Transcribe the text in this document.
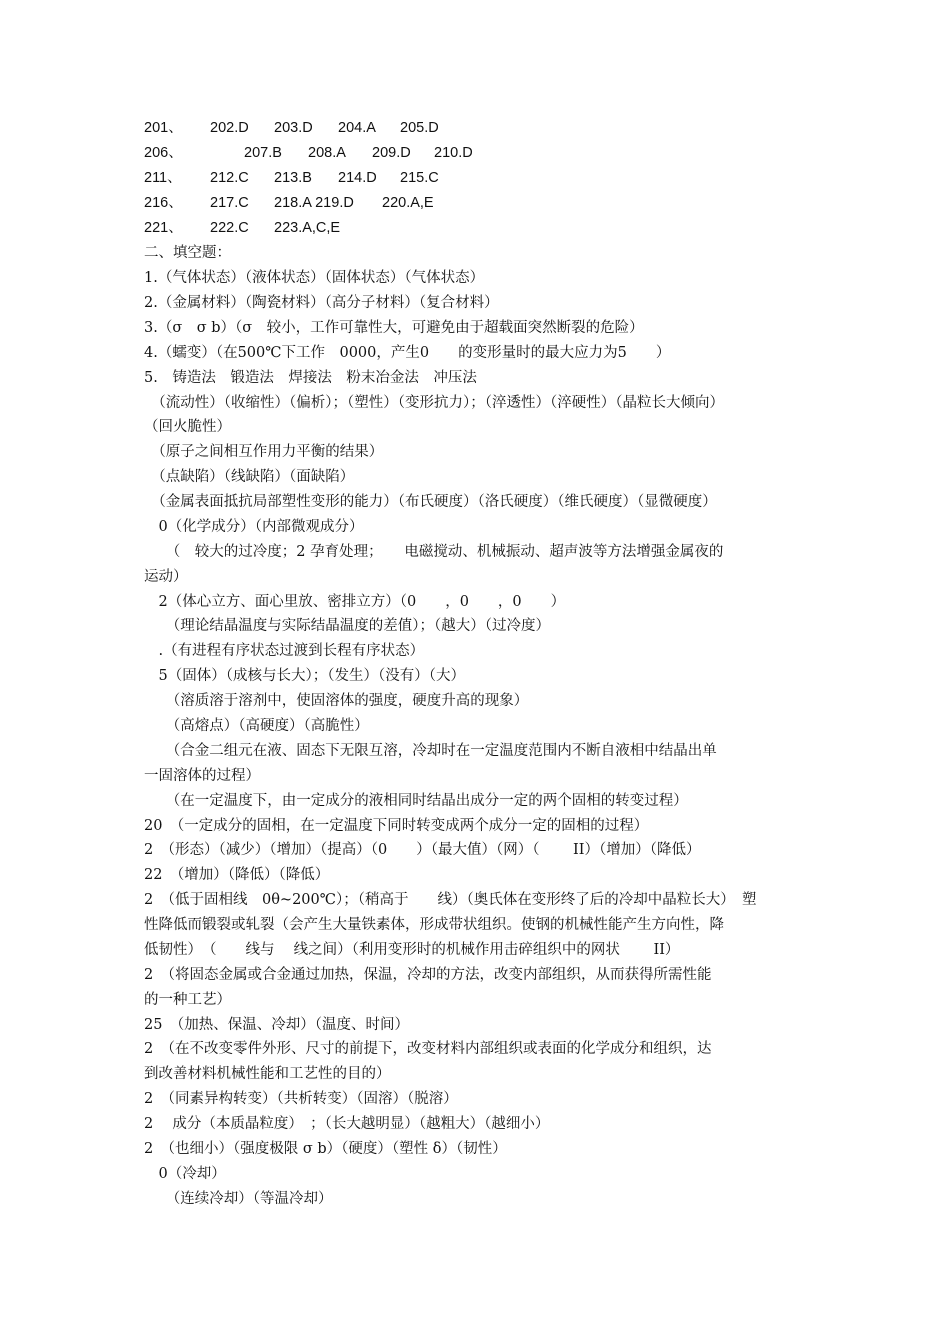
201、 202.D 203.D 204.A 205.D
206、	207.B 208.A 209.D 210.D
211、 212.C 213.B 214.D 215.C
216、 217.C 218.A 219.D 220.A,E
221、 222.C 223.A,C,E
二、填空题：
1.（气体状态）（液体状态）（固体状态）（气体状态）
2.（金属材料）（陶瓷材料）（高分子材料）（复合材料）
3.（σ　σ b）（σ　较小，工作可靠性大，可避免由于超载面突然断裂的危险）
4.（蠕变）（在500℃下工作　0000，产生0　　的变形量时的最大应力为5　　）
5.　铸造法　锻造法　焊接法　粉末冶金法　冲压法
　（流动性）（收缩性）（偏析）；（塑性）（变形抗力）；（淬透性）（淬硬性）（晶粒长大倾向）
（回火脆性）
　（原子之间相互作用力平衡的结果）
　（点缺陷）（线缺陷）（面缺陷）
　（金属表面抵抗局部塑性变形的能力）（布氏硬度）（洛氏硬度）（维氏硬度）（显微硬度）
　0（化学成分）（内部微观成分）
　　（　较大的过冷度；2 孕育处理；　　电磁搅动、机械振动、超声波等方法增强金属夜的
运动）
　2（体心立方、面心里放、密排立方）（0　　，0　　，0　　）
　　（理论结晶温度与实际结晶温度的差值）；（越大）（过冷度）
　.（有进程有序状态过渡到长程有序状态）
　5（固体）（成核与长大）；（发生）（没有）（大）
　　（溶质溶于溶剂中，使固溶体的强度，硬度升高的现象）
　　（高熔点）（高硬度）（高脆性）
　　（合金二组元在液、固态下无限互溶，冷却时在一定温度范围内不断自液相中结晶出单
一固溶体的过程）
　　（在一定温度下，由一定成分的液相同时结晶出成分一定的两个固相的转变过程）
20　（一定成分的固相，在一定温度下同时转变成两个成分一定的固相的过程）
2　（形态）（减少）（增加）（提高）（0　　）（最大值）（网）（　　 II）（增加）（降低）
22　（增加）（降低）（降低）
2　（低于固相线　0θ~200℃）；（稍高于　　线）（奥氏体在变形终了后的冷却中晶粒长大）　塑
性降低而锻裂或轧裂（会产生大量铁素体，形成带状组织。使钢的机械性能产生方向性，降
低韧性）　（　　线与　 线之间）（利用变形时的机械作用击碎组织中的网状　　 II）
2　（将固态金属或合金通过加热，保温，冷却的方法，改变内部组织，从而获得所需性能
的一种工艺）
25　（加热、保温、冷却）（温度、时间）
2　（在不改变零件外形、尺寸的前提下，改变材料内部组织或表面的化学成分和组织，达
到改善材料机械性能和工艺性的目的）
2　（同素异构转变）（共析转变）（固溶）（脱溶）
2　 成分（本质晶粒度）　；（长大越明显）（越粗大）（越细小）
2　（也细小）（强度极限 σ b）（硬度）（塑性 δ）（韧性）
　0（冷却）
　　（连续冷却）（等温冷却）
